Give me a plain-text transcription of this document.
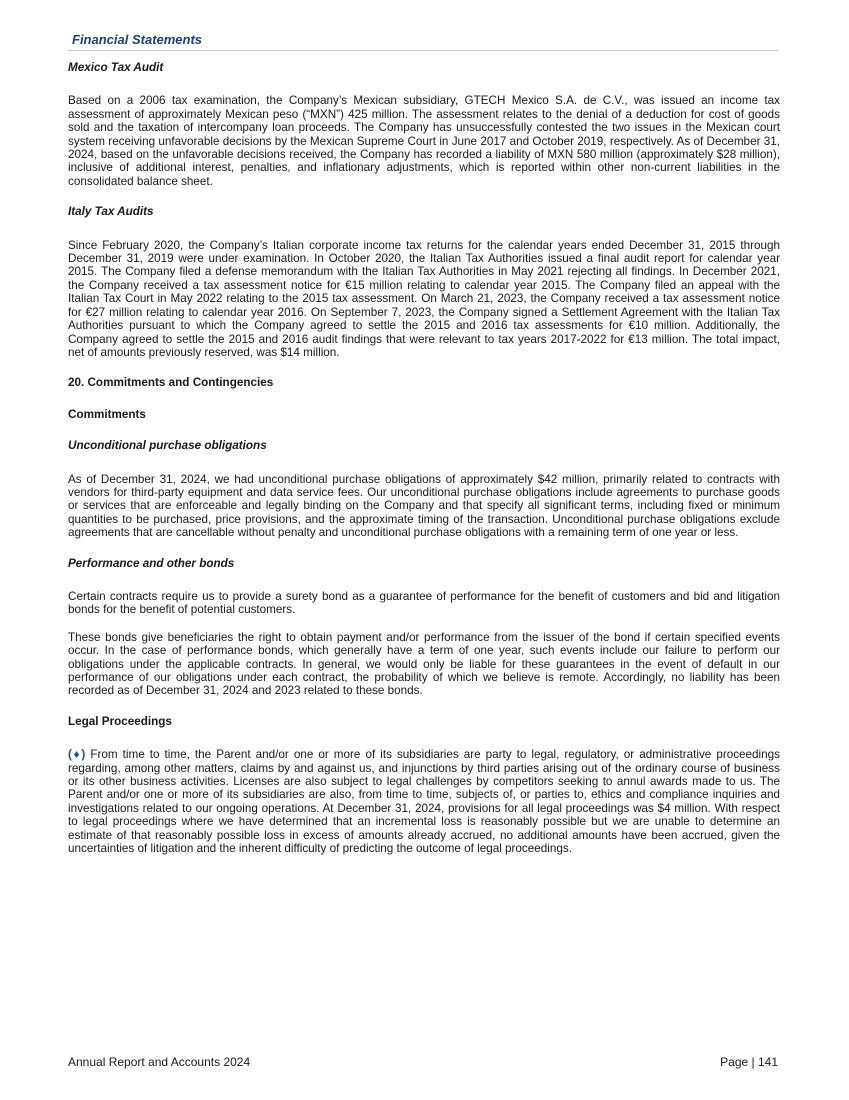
Financial Statements
Mexico Tax Audit

Based on a 2006 tax examination, the Company’s Mexican subsidiary, GTECH Mexico S.A. de C.V., was issued an income tax assessment of approximately Mexican peso (“MXN”) 425 million. The assessment relates to the denial of a deduction for cost of goods sold and the taxation of intercompany loan proceeds. The Company has unsuccessfully contested the two issues in the Mexican court system receiving unfavorable decisions by the Mexican Supreme Court in June 2017 and October 2019, respectively. As of December 31, 2024, based on the unfavorable decisions received, the Company has recorded a liability of MXN 580 million (approximately $28 million), inclusive of additional interest, penalties, and inflationary adjustments, which is reported within other non-current liabilities in the consolidated balance sheet.

Italy Tax Audits

Since February 2020, the Company’s Italian corporate income tax returns for the calendar years ended December 31, 2015 through December 31, 2019 were under examination. In October 2020, the Italian Tax Authorities issued a final audit report for calendar year 2015. The Company filed a defense memorandum with the Italian Tax Authorities in May 2021 rejecting all findings. In December 2021, the Company received a tax assessment notice for €15 million relating to calendar year 2015. The Company filed an appeal with the Italian Tax Court in May 2022 relating to the 2015 tax assessment. On March 21, 2023, the Company received a tax assessment notice for €27 million relating to calendar year 2016. On September 7, 2023, the Company signed a Settlement Agreement with the Italian Tax Authorities pursuant to which the Company agreed to settle the 2015 and 2016 tax assessments for €10 million. Additionally, the Company agreed to settle the 2015 and 2016 audit findings that were relevant to tax years 2017-2022 for €13 million. The total impact, net of amounts previously reserved, was $14 million.

20. Commitments and Contingencies
Commitments
Unconditional purchase obligations

As of December 31, 2024, we had unconditional purchase obligations of approximately $42 million, primarily related to contracts with vendors for third-party equipment and data service fees. Our unconditional purchase obligations include agreements to purchase goods or services that are enforceable and legally binding on the Company and that specify all significant terms, including fixed or minimum quantities to be purchased, price provisions, and the approximate timing of the transaction. Unconditional purchase obligations exclude agreements that are cancellable without penalty and unconditional purchase obligations with a remaining term of one year or less.

Performance and other bonds

Certain contracts require us to provide a surety bond as a guarantee of performance for the benefit of customers and bid and litigation bonds for the benefit of potential customers.

These bonds give beneficiaries the right to obtain payment and/or performance from the issuer of the bond if certain specified events occur. In the case of performance bonds, which generally have a term of one year, such events include our failure to perform our obligations under the applicable contracts. In general, we would only be liable for these guarantees in the event of default in our performance of our obligations under each contract, the probability of which we believe is remote. Accordingly, no liability has been recorded as of December 31, 2024 and 2023 related to these bonds.

Legal Proceedings

(♦) From time to time, the Parent and/or one or more of its subsidiaries are party to legal, regulatory, or administrative proceedings regarding, among other matters, claims by and against us, and injunctions by third parties arising out of the ordinary course of business or its other business activities. Licenses are also subject to legal challenges by competitors seeking to annul awards made to us. The Parent and/or one or more of its subsidiaries are also, from time to time, subjects of, or parties to, ethics and compliance inquiries and investigations related to our ongoing operations. At December 31, 2024, provisions for all legal proceedings was $4 million. With respect to legal proceedings where we have determined that an incremental loss is reasonably possible but we are unable to determine an estimate of that reasonably possible loss in excess of amounts already accrued, no additional amounts have been accrued, given the uncertainties of litigation and the inherent difficulty of predicting the outcome of legal proceedings.

Annual Report and Accounts 2024	Page | 141
